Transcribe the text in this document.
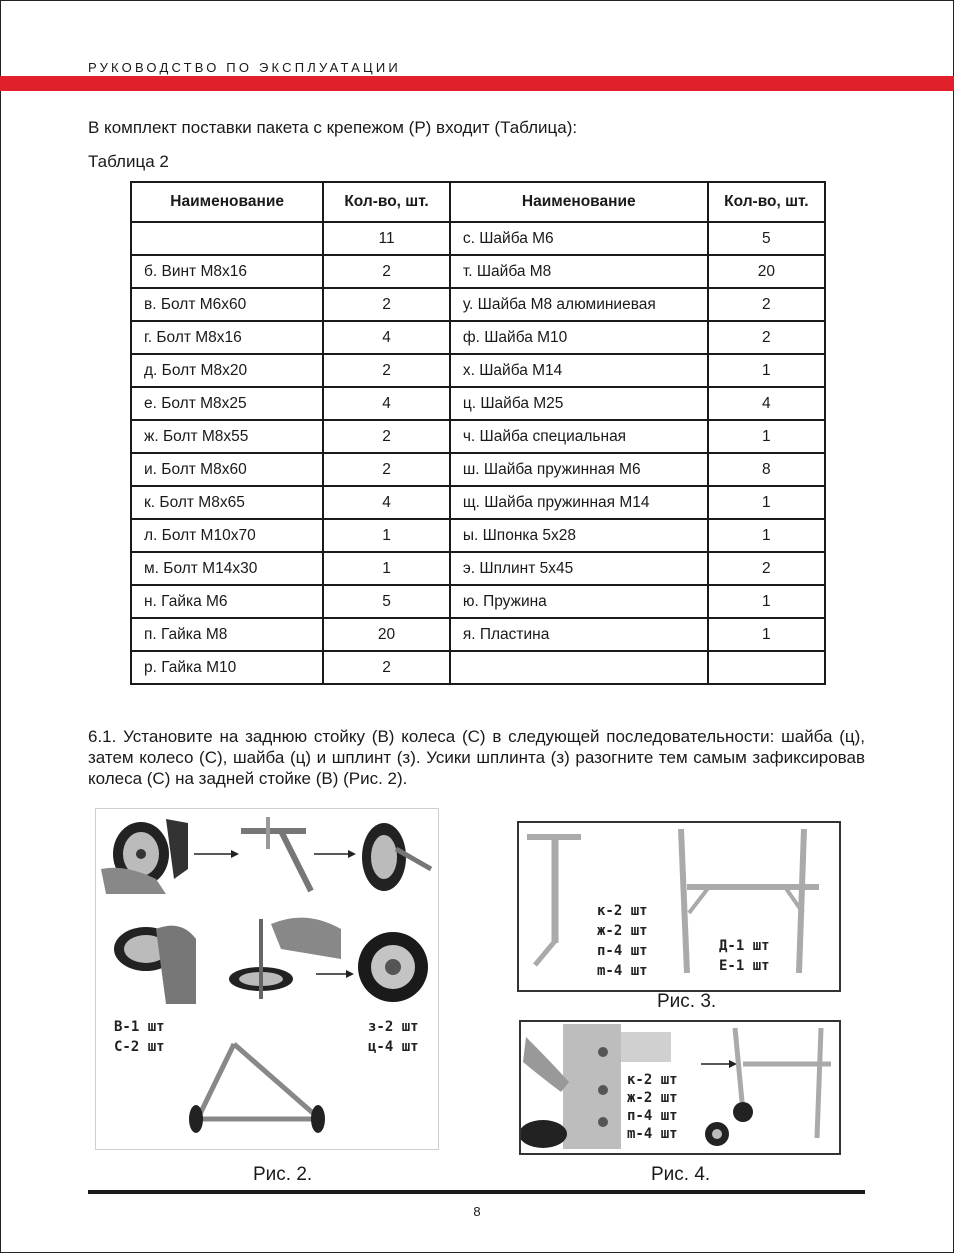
РУКОВОДСТВО ПО ЭКСПЛУАТАЦИИ
В комплект поставки пакета с крепежом (Р) входит (Таблица):
Таблица 2
Наименование	Кол-во, шт.	Наименование	Кол-во, шт.
	11	с. Шайба М6	5
б. Винт М8х16	2	т. Шайба М8	20
в. Болт М6х60	2	у. Шайба М8 алюминиевая	2
г. Болт М8х16	4	ф. Шайба М10	2
д. Болт М8х20	2	х. Шайба М14	1
е. Болт М8х25	4	ц. Шайба М25	4
ж. Болт М8х55	2	ч. Шайба специальная	1
и. Болт М8х60	2	ш. Шайба пружинная М6	8
к. Болт М8х65	4	щ. Шайба пружинная М14	1
л. Болт М10х70	1	ы. Шпонка 5х28	1
м. Болт М14х30	1	э. Шплинт 5х45	2
н. Гайка М6	5	ю. Пружина	1
п. Гайка М8	20	я. Пластина	1
р. Гайка М10	2		
6.1. Установите на заднюю стойку (В) колеса (С) в следующей последовательности: шайба (ц), затем колесо (С), шайба (ц) и шплинт (з). Усики шплинта (з) разогните тем самым зафиксировав колеса (С) на задней стойке (В) (Рис. 2).
В-1 шт
С-2 шт
з-2 шт
ц-4 шт
к-2 шт
ж-2 шт
п-4 шт
m-4 шт
Д-1 шт
Е-1 шт
к-2 шт
ж-2 шт
п-4 шт
m-4 шт
Рис. 2.
Рис. 3.
Рис. 4.
8
